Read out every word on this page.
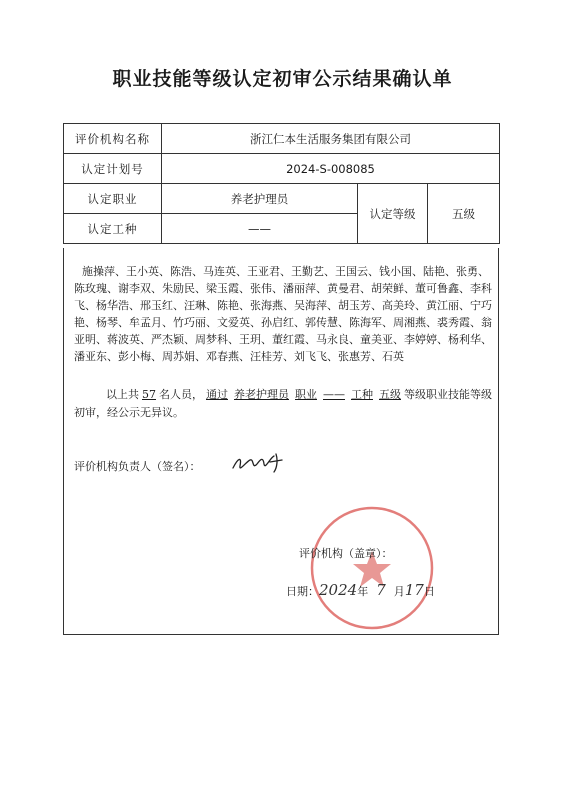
职业技能等级认定初审公示结果确认单
评价机构名称	浙江仁本生活服务集团有限公司		
认定计划号	2024-S-008085		
认定职业	养老护理员	认定等级	五级
认定工种	——		
施操萍、王小英、陈浩、马连英、王亚君、王勤艺、王国云、钱小国、陆艳、张勇、陈玫瑰、谢李双、朱励民、梁玉霞、张伟、潘丽萍、黄曼君、胡荣鲜、董可鲁鑫、李科飞、杨华浩、邢玉红、汪琳、陈艳、张海燕、吴海萍、胡玉芳、高美玲、黄江丽、宁巧艳、杨琴、牟孟月、竹巧丽、文爱英、孙启红、郭传慧、陈海军、周湘燕、裘秀霞、翁亚明、蒋波英、严杰颖、周梦科、王玥、董红霞、马永良、童美亚、李婷婷、杨利华、潘亚东、彭小梅、周苏娟、邓春燕、汪桂芳、刘飞飞、张惠芳、石英
以上共 57 名人员， 通过 养老护理员 职业 —— 工种 五级 等级职业技能等级初审，经公示无异议。
评价机构负责人（签名）：
评价机构（盖章）：
日期：2024年 7 月17日
